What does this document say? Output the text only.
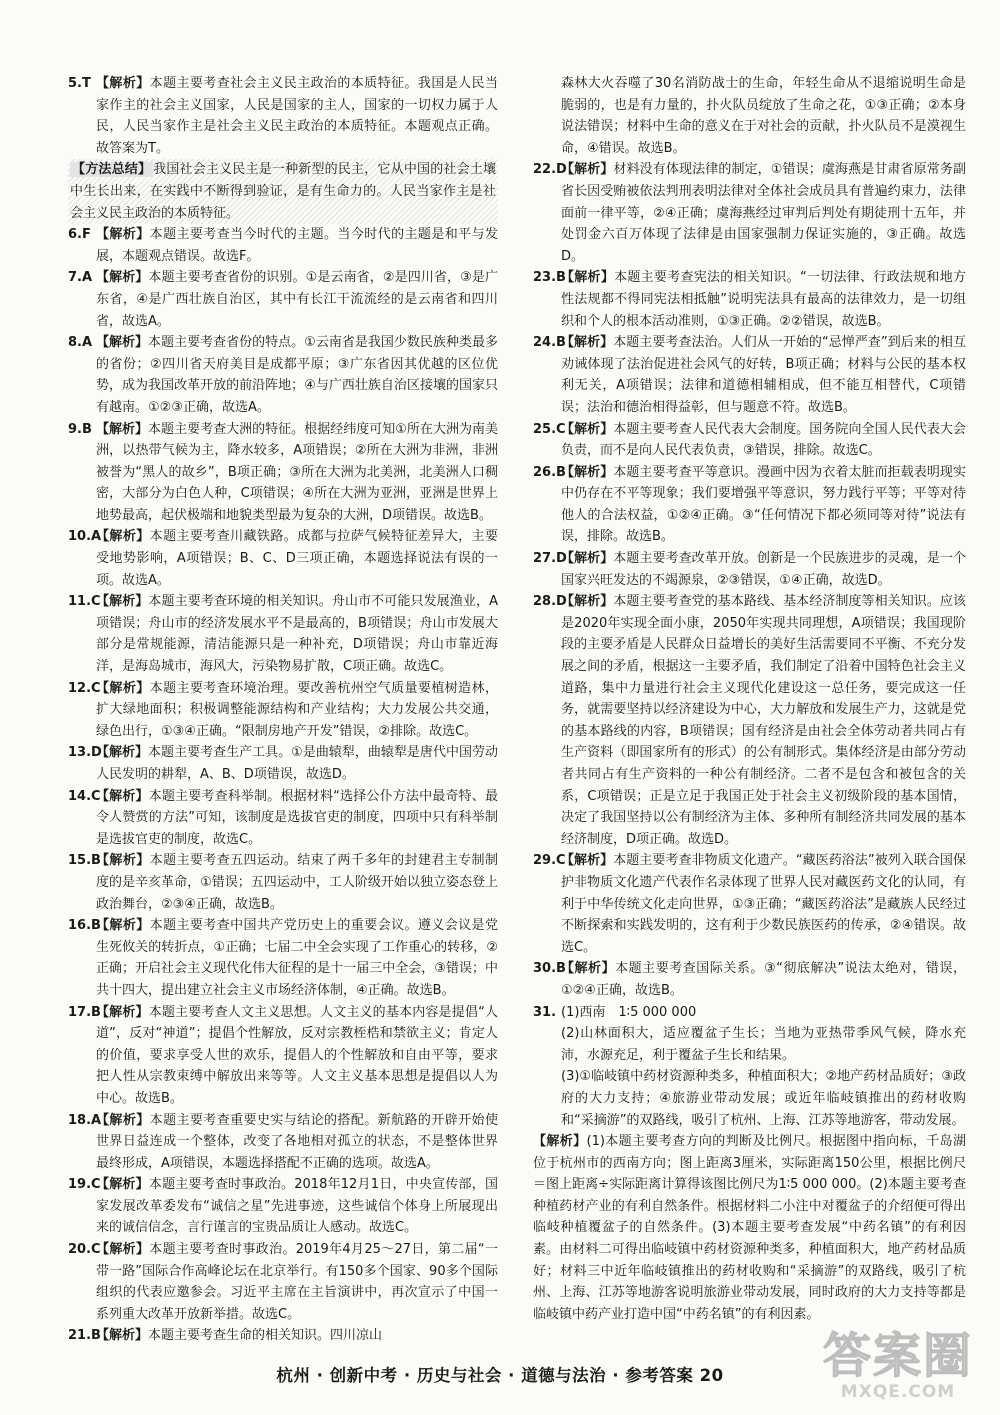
5.T 【解析】本题主要考查社会主义民主政治的本质特征。我国是人民当家作主的社会主义国家，人民是国家的主人，国家的一切权力属于人民，人民当家作主是社会主义民主政治的本质特征。本题观点正确。故答案为T。

【方法总结】 我国社会主义民主是一种新型的民主，它从中国的社会土壤中生长出来，在实践中不断得到验证，是有生命力的。人民当家作主是社会主义民主政治的本质特征。

6.F 【解析】本题主要考查当今时代的主题。当今时代的主题是和平与发展，本题观点错误。故选F。

7.A 【解析】本题主要考查省份的识别。①是云南省，②是四川省，③是广东省，④是广西壮族自治区，其中有长江干流流经的是云南省和四川省，故选A。

8.A 【解析】本题主要考查省份的特点。①云南省是我国少数民族种类最多的省份；②四川省天府美目是成都平原；③广东省因其优越的区位优势，成为我国改革开放的前沿阵地；④与广西壮族自治区接壤的国家只有越南。①②③正确，故选A。

9.B 【解析】本题主要考查大洲的特征。根据经纬度可知①所在大洲为南美洲，以热带气候为主，降水较多，A项错误；②所在大洲为非洲，非洲被誉为“黑人的故乡”，B项正确；③所在大洲为北美洲，北美洲人口稠密，大部分为白色人种，C项错误；④所在大洲为亚洲，亚洲是世界上地势最高，起伏极端和地貌类型最为复杂的大洲，D项错误。故选B。

10.A
【解析】本题主要考查川藏铁路。成都与拉萨气候特征差异大，主要受地势影响，A项错误；B、C、D三项正确，本题选择说法有误的一项。故选A。

11.C
【解析】本题主要考查环境的相关知识。舟山市不可能只发展渔业，A项错误；舟山市的经济发展水平不是最高的，B项错误；舟山市发展大部分是常规能源，清洁能源只是一种补充，D项错误；舟山市靠近海洋，是海岛城市，海风大，污染物易扩散，C项正确。故选C。

12.C
【解析】本题主要考查环境治理。要改善杭州空气质量要植树造林，扩大绿地面积；积极调整能源结构和产业结构；大力发展公共交通，绿色出行，①③④正确。“限制房地产开发”错误，②排除。故选C。

13.D
【解析】本题主要考查生产工具。①是曲辕犁，曲辕犁是唐代中国劳动人民发明的耕犁，A、B、D项错误，故选D。

14.C
【解析】本题主要考查科举制。根据材料“选择公仆方法中最奇特、最令人赞赏的方法”可知，该制度是选拔官吏的制度，四项中只有科举制是选拔官吏的制度，故选C。

15.B
【解析】本题主要考查五四运动。结束了两千多年的封建君主专制制度的是辛亥革命，①错误；五四运动中，工人阶级开始以独立姿态登上政治舞台，②③④正确，故选B。

16.B
【解析】本题主要考查中国共产党历史上的重要会议。遵义会议是党生死攸关的转折点，①正确；七届二中全会实现了工作重心的转移，②正确；开启社会主义现代化伟大征程的是十一届三中全会，③错误；中共十四大，提出建立社会主义市场经济体制，④正确。故选B。

17.B
【解析】本题主要考查人文主义思想。人文主义的基本内容是提倡“人道”，反对“神道”；提倡个性解放，反对宗教桎梏和禁欲主义；肯定人的价值，要求享受人世的欢乐，提倡人的个性解放和自由平等，要求把人性从宗教束缚中解放出来等等。人文主义基本思想是提倡以人为中心。故选B。

18.A
【解析】本题主要考查重要史实与结论的搭配。新航路的开辟开始使世界日益连成一个整体，改变了各地相对孤立的状态，不是整体世界最终形成，A项错误，本题选择搭配不正确的选项。故选A。

19.C
【解析】本题主要考查时事政治。2018年12月1日，中央宣传部，国家发展改革委发布“诚信之星”先进事迹，这些诚信个体身上所展现出来的诚信信念，言行谨言的宝贵品质让人感动。故选C。

20.C
【解析】本题主要考查时事政治。2019年4月25～27日，第二届“一带一路”国际合作高峰论坛在北京举行。有150多个国家、90多个国际组织的代表应邀参会。习近平主席在主旨演讲中，再次宣示了中国一系列重大改革开放新举措。故选C。

21.B
【解析】本题主要考查生命的相关知识。四川凉山

森林大火吞噬了30名消防战士的生命，年轻生命从不退缩说明生命是脆弱的，也是有力量的，扑火队员绽放了生命之花，①③正确；②本身说法错误；材料中生命的意义在于对社会的贡献，扑火队员不是漠视生命，④错误。故选B。

22.D
【解析】材料没有体现法律的制定，①错误；虞海燕是甘肃省原常务副省长因受贿被依法判刑表明法律对全体社会成员具有普遍约束力，法律面前一律平等，②④正确；虞海燕经过审判后判处有期徒刑十五年，并处罚金六百万体现了法律是由国家强制力保证实施的，③正确。故选D。

23.B
【解析】本题主要考查宪法的相关知识。“一切法律、行政法规和地方性法规都不得同宪法相抵触”说明宪法具有最高的法律效力，是一切组织和个人的根本活动准则，①③正确。②②错误，故选B。

24.B
【解析】本题主要考查法治。人们从一开始的“忌惮严查”到后来的相互劝诫体现了法治促进社会风气的好转，B项正确；材料与公民的基本权利无关，A项错误；法律和道德相辅相成，但不能互相替代，C项错误；法治和德治相得益彰，但与题意不符。故选B。

25.C
【解析】本题主要考查人民代表大会制度。国务院向全国人民代表大会负责，而不是向人民代表负责，③错误，排除。故选C。

26.B
【解析】本题主要考查平等意识。漫画中因为衣着太脏而拒载表明现实中仍存在不平等现象；我们要增强平等意识，努力践行平等；平等对待他人的合法权益，①②④正确。③“任何情况下都必须同等对待”说法有误，排除。故选B。

27.D
【解析】本题主要考查改革开放。创新是一个民族进步的灵魂，是一个国家兴旺发达的不竭源泉，②③错误，①④正确，故选D。

28.D
【解析】本题主要考查党的基本路线、基本经济制度等相关知识。应该是2020年实现全面小康，2050年实现共同理想，A项错误；我国现阶段的主要矛盾是人民群众日益增长的美好生活需要同不平衡、不充分发展之间的矛盾，根据这一主要矛盾，我们制定了沿着中国特色社会主义道路，集中力量进行社会主义现代化建设这一总任务，要完成这一任务，就需要坚持以经济建设为中心，大力解放和发展生产力，这就是党的基本路线的内容，B项错误；国有经济是由社会全体劳动者共同占有生产资料（即国家所有的形式）的公有制形式。集体经济是由部分劳动者共同占有生产资料的一种公有制经济。二者不是包含和被包含的关系，C项错误；正是立足于我国正处于社会主义初级阶段的基本国情，决定了我国坚持以公有制经济为主体、多种所有制经济共同发展的基本经济制度，D项正确。故选D。

29.C
【解析】本题主要考查非物质文化遗产。“藏医药浴法”被列入联合国保护非物质文化遗产代表作名录体现了世界人民对藏医药文化的认同，有利于中华传统文化走向世界，①③正确；“藏医药浴法”是藏族人民经过不断探索和实践发明的，这有利于少数民族医药的传承，②④错误。故选C。

30.B
【解析】本题主要考查国际关系。③“彻底解决”说法太绝对，错误，①②④正确，故选B。

31. (1)西南　1∶5 000 000

(2)山林面积大，适应覆盆子生长；当地为亚热带季风气候，降水充沛，水源充足，利于覆盆子生长和结果。

(3)①临岐镇中药材资源种类多，种植面积大；②地产药材品质好；③政府的大力支持；④旅游业带动发展；或近年临岐镇推出的药材收购和“采摘游”的双路线，吸引了杭州、上海、江苏等地游客，带动发展。

【解析】(1)本题主要考查方向的判断及比例尺。根据图中指向标，千岛湖位于杭州市的西南方向；图上距离3厘米，实际距离150公里，根据比例尺＝图上距离÷实际距离计算得该图比例尺为1∶5 000 000。(2)本题主要考查种植药材产业的有利自然条件。根据材料二小注中对覆盆子的介绍便可得出临岐种植覆盆子的自然条件。(3)本题主要考查发展“中药名镇”的有利因素。由材料二可得出临岐镇中药材资源种类多，种植面积大，地产药材品质好；材料三中近年临岐镇推出的药材收购和“采摘游”的双路线，吸引了杭州、上海、江苏等地游客说明旅游业带动发展，同时政府的大力支持等都是临岐镇中药产业打造中国“中药名镇”的有利因素。

杭州 · 创新中考 · 历史与社会 · 道德与法治 · 参考答案 20	答案圈
MXQE.COM
